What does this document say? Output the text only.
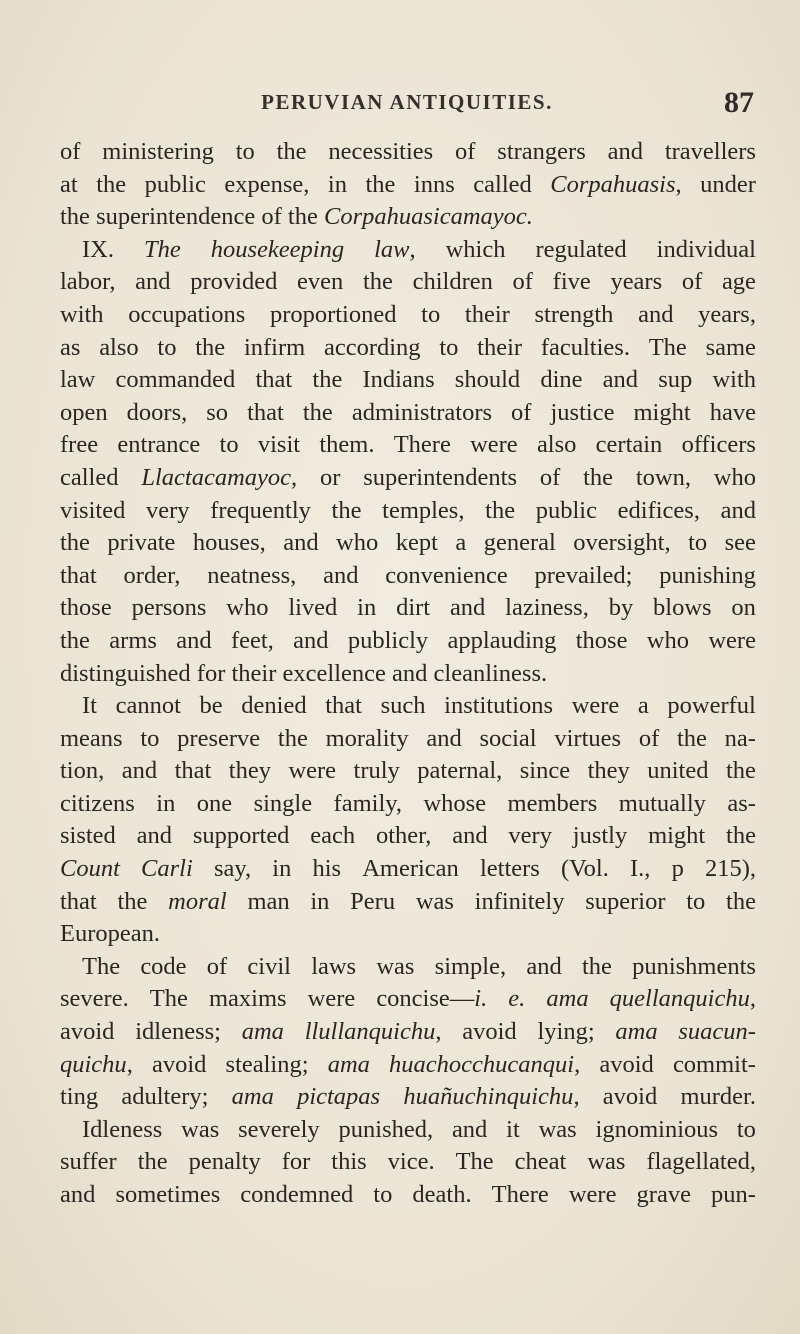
PERUVIAN ANTIQUITIES.	87
of ministering to the necessities of strangers and travellers
at the public expense, in the inns called Corpahuasis, under
the superintendence of the Corpahuasicamayoc.
IX. The housekeeping law, which regulated individual
labor, and provided even the children of five years of age
with occupations proportioned to their strength and years,
as also to the infirm according to their faculties. The same
law commanded that the Indians should dine and sup with
open doors, so that the administrators of justice might have
free entrance to visit them. There were also certain officers
called Llactacamayoc, or superintendents of the town, who
visited very frequently the temples, the public edifices, and
the private houses, and who kept a general oversight, to see
that order, neatness, and convenience prevailed; punishing
those persons who lived in dirt and laziness, by blows on
the arms and feet, and publicly applauding those who were
distinguished for their excellence and cleanliness.
It cannot be denied that such institutions were a powerful
means to preserve the morality and social virtues of the na-
tion, and that they were truly paternal, since they united the
citizens in one single family, whose members mutually as-
sisted and supported each other, and very justly might the
Count Carli say, in his American letters (Vol. I., p 215),
that the moral man in Peru was infinitely superior to the
European.
The code of civil laws was simple, and the punishments
severe. The maxims were concise—i. e. ama quellanquichu,
avoid idleness; ama llullanquichu, avoid lying; ama suacun-
quichu, avoid stealing; ama huachocchucanqui, avoid commit-
ting adultery; ama pictapas huañuchinquichu, avoid murder.
Idleness was severely punished, and it was ignominious to
suffer the penalty for this vice. The cheat was flagellated,
and sometimes condemned to death. There were grave pun-
